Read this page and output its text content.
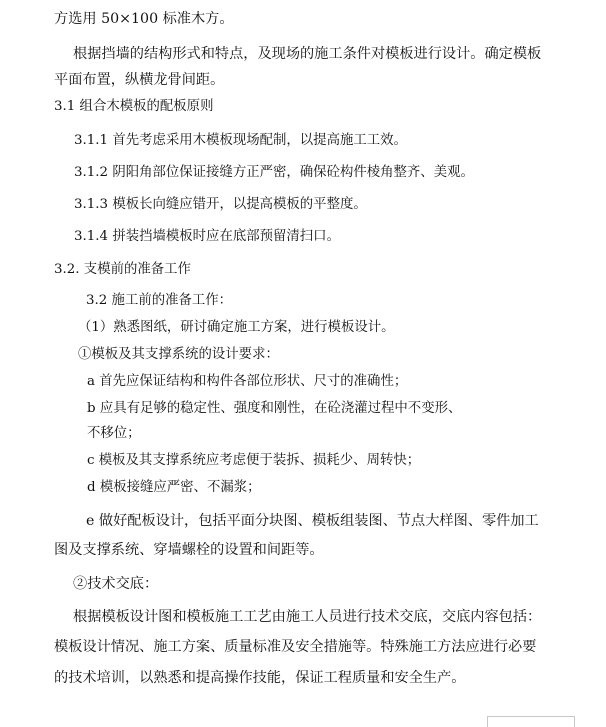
方选用 50×100 标准木方。
根据挡墙的结构形式和特点，及现场的施工条件对模板进行设计。确定模板
平面布置，纵横龙骨间距。
3.1 组合木模板的配板原则
3.1.1 首先考虑采用木模板现场配制，以提高施工工效。
3.1.2 阴阳角部位保证接缝方正严密，确保砼构件棱角整齐、美观。
3.1.3 模板长向缝应错开，以提高模板的平整度。
3.1.4 拼装挡墙模板时应在底部预留清扫口。
3.2. 支模前的准备工作
3.2 施工前的准备工作：
（1）熟悉图纸，研讨确定施工方案，进行模板设计。
①模板及其支撑系统的设计要求：
a 首先应保证结构和构件各部位形状、尺寸的准确性；
b 应具有足够的稳定性、强度和刚性，在砼浇灌过程中不变形、
不移位；
c 模板及其支撑系统应考虑便于装拆、损耗少、周转快；
d 模板接缝应严密、不漏浆；
e 做好配板设计，包括平面分块图、模板组装图、节点大样图、零件加工
图及支撑系统、穿墙螺栓的设置和间距等。
②技术交底：
根据模板设计图和模板施工工艺由施工人员进行技术交底，交底内容包括：
模板设计情况、施工方案、质量标准及安全措施等。特殊施工方法应进行必要
的技术培训，以熟悉和提高操作技能，保证工程质量和安全生产。
